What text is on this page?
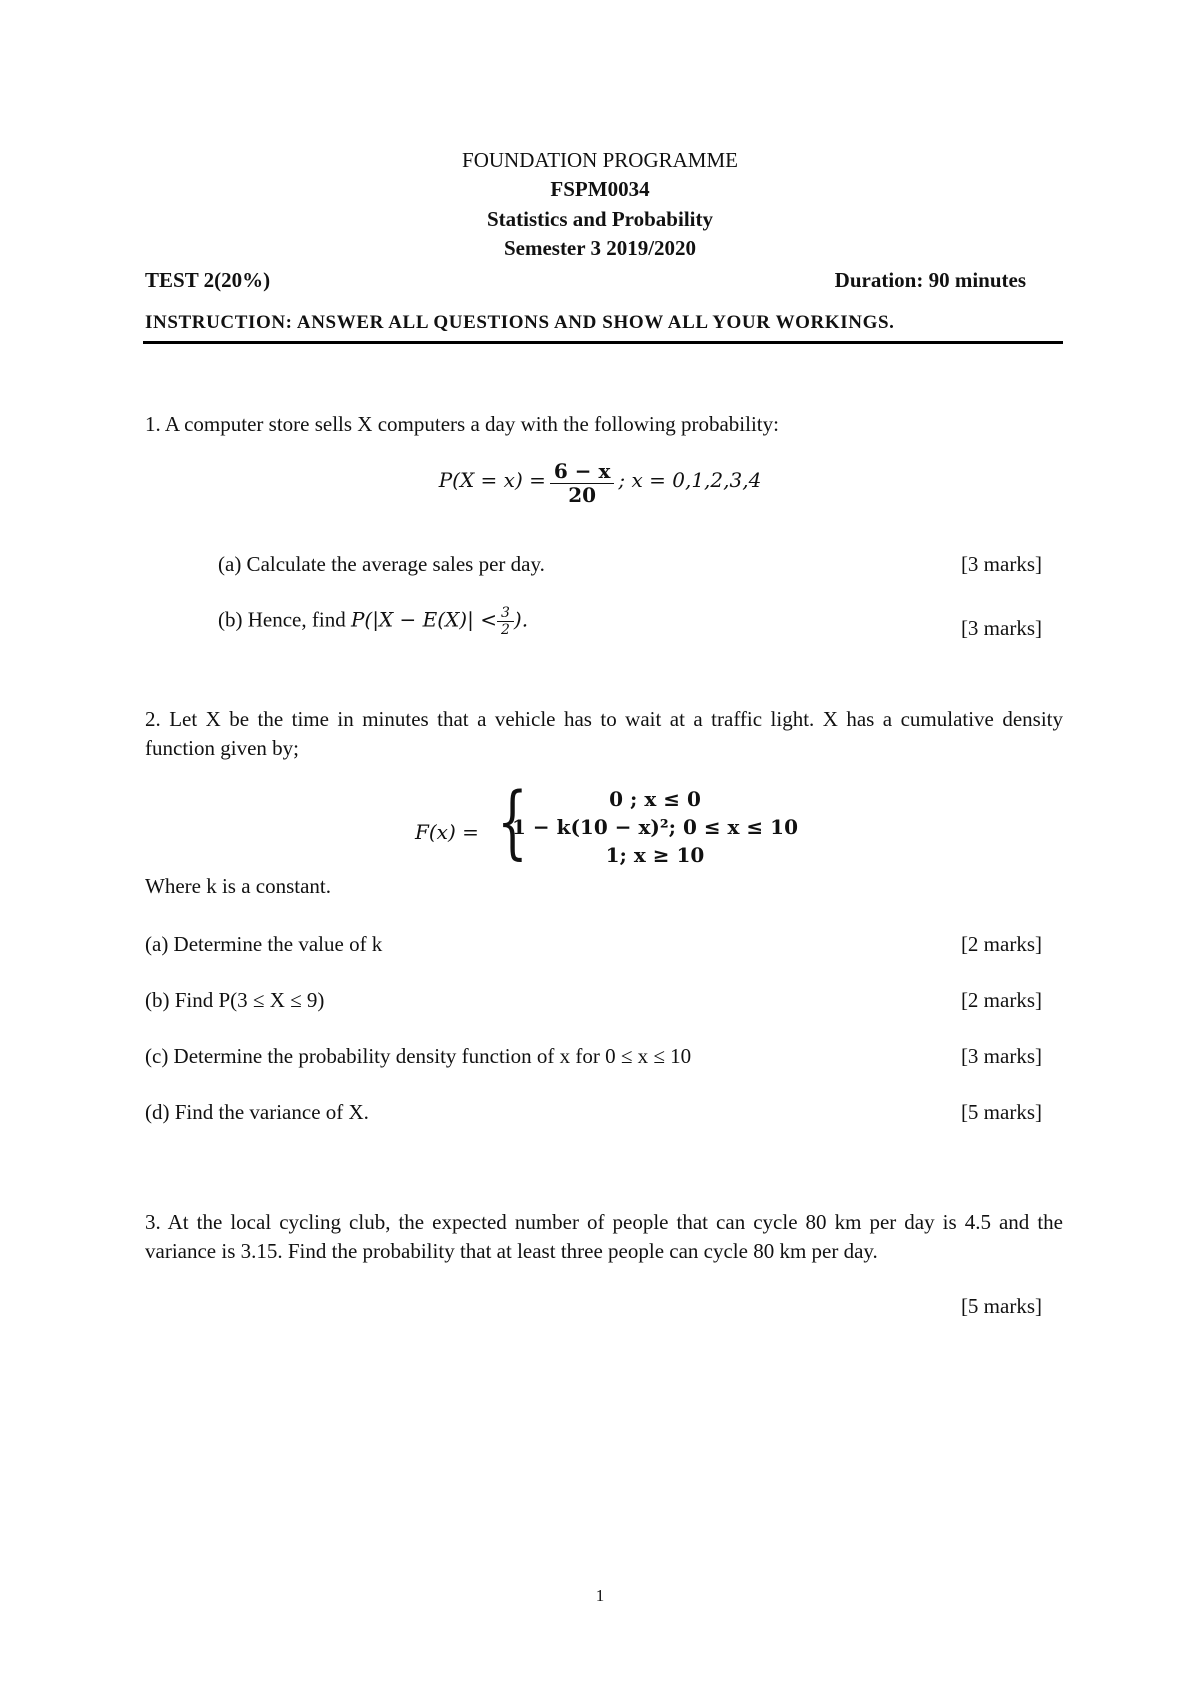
FOUNDATION PROGRAMME
FSPM0034
Statistics and Probability
Semester 3 2019/2020
TEST 2(20%)	Duration: 90 minutes
INSTRUCTION: ANSWER ALL QUESTIONS AND SHOW ALL YOUR WORKINGS.
1. A computer store sells X computers a day with the following probability:
$P(X = x) = \frac{6 - x}{20}$ ; x = 0,1,2,3,4
(a) Calculate the average sales per day.	[3 marks]
(b) Hence, find $P(|X - E(X)| < \frac{3}{2}$ ).	[3 marks]
2. Let X be the time in minutes that a vehicle has to wait at a traffic light. X has a cumulative density function given by;
F(x) = {	0 ; x ≤ 0
1 − k(10 − x)²; 0 ≤ x ≤ 10
1; x ≥ 10
Where k is a constant.
(a) Determine the value of k	[2 marks]
(b) Find P(3 ≤ X ≤ 9)	[2 marks]
(c) Determine the probability density function of x for 0 ≤ x ≤ 10	[3 marks]
(d) Find the variance of X.	[5 marks]
3. At the local cycling club, the expected number of people that can cycle 80 km per day is 4.5 and the variance is 3.15. Find the probability that at least three people can cycle 80 km per day.
[5 marks]
1
